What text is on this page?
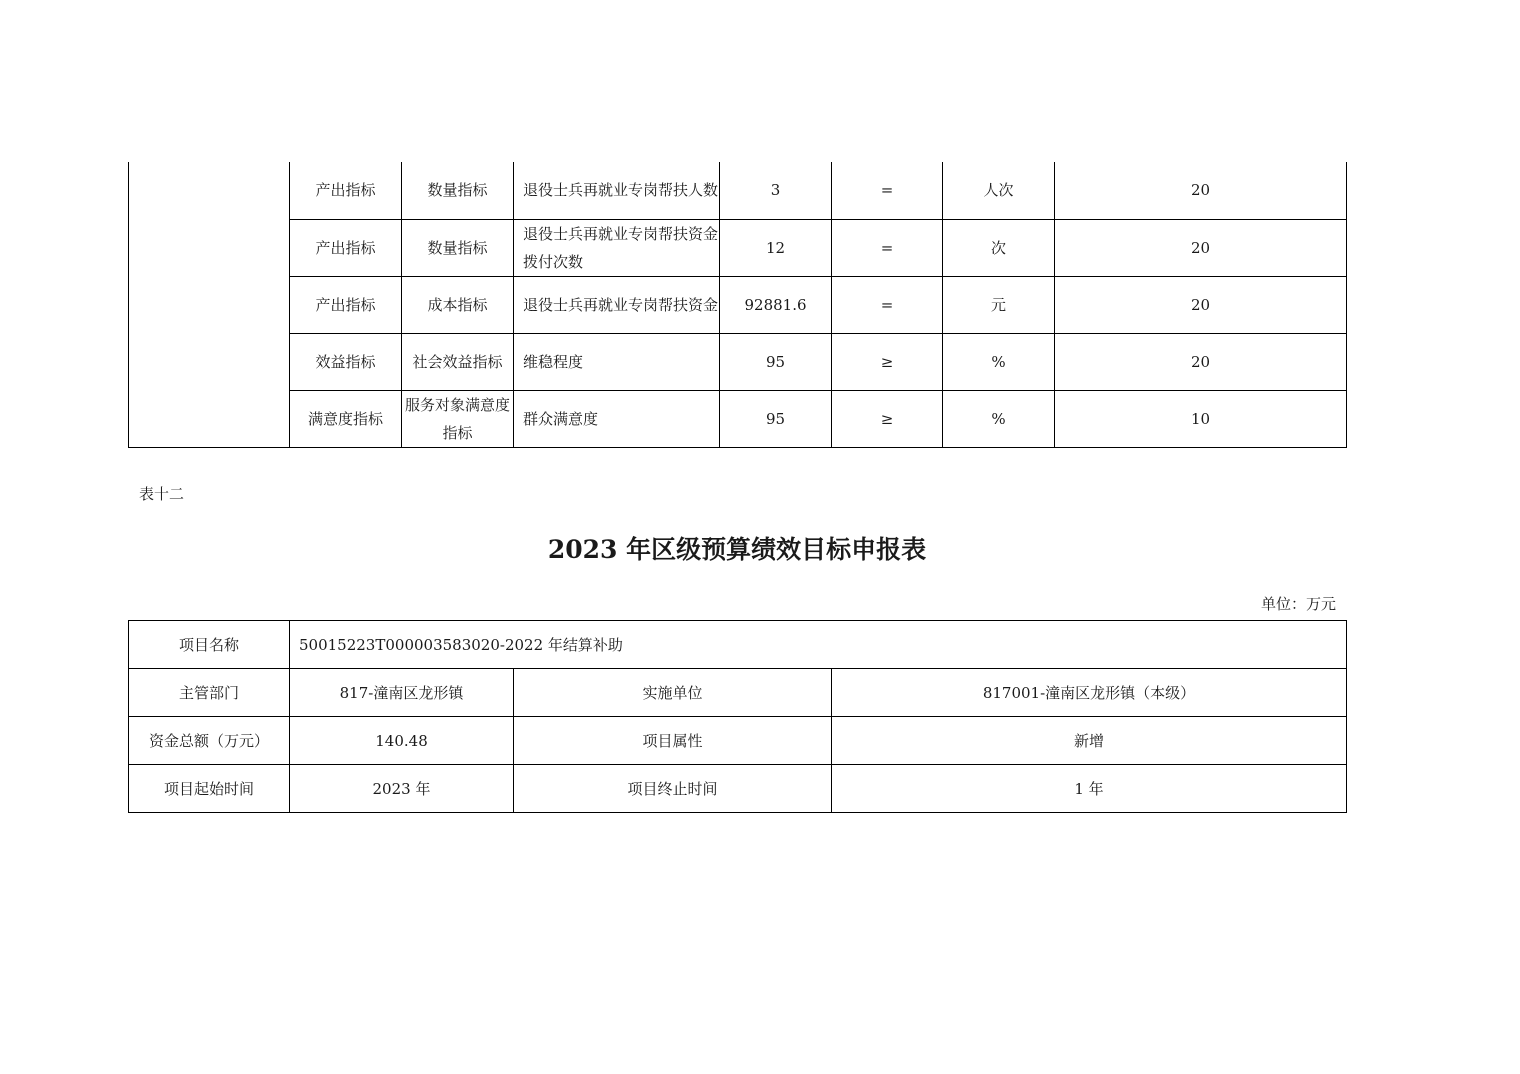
	产出指标	数量指标	退役士兵再就业专岗帮扶人数	3	=	人次	20
	产出指标	数量指标	退役士兵再就业专岗帮扶资金拨付次数	12	=	次	20
	产出指标	成本指标	退役士兵再就业专岗帮扶资金	92881.6	=	元	20
	效益指标	社会效益指标	维稳程度	95	≥	%	20
	满意度指标	服务对象满意度指标	群众满意度	95	≥	%	10
表十二
2023 年区级预算绩效目标申报表
单位：万元
项目名称	50015223T000003583020-2022 年结算补助		
主管部门	817-潼南区龙形镇	实施单位	817001-潼南区龙形镇（本级）
资金总额（万元）	140.48	项目属性	新增
项目起始时间	2023 年	项目终止时间	1 年
